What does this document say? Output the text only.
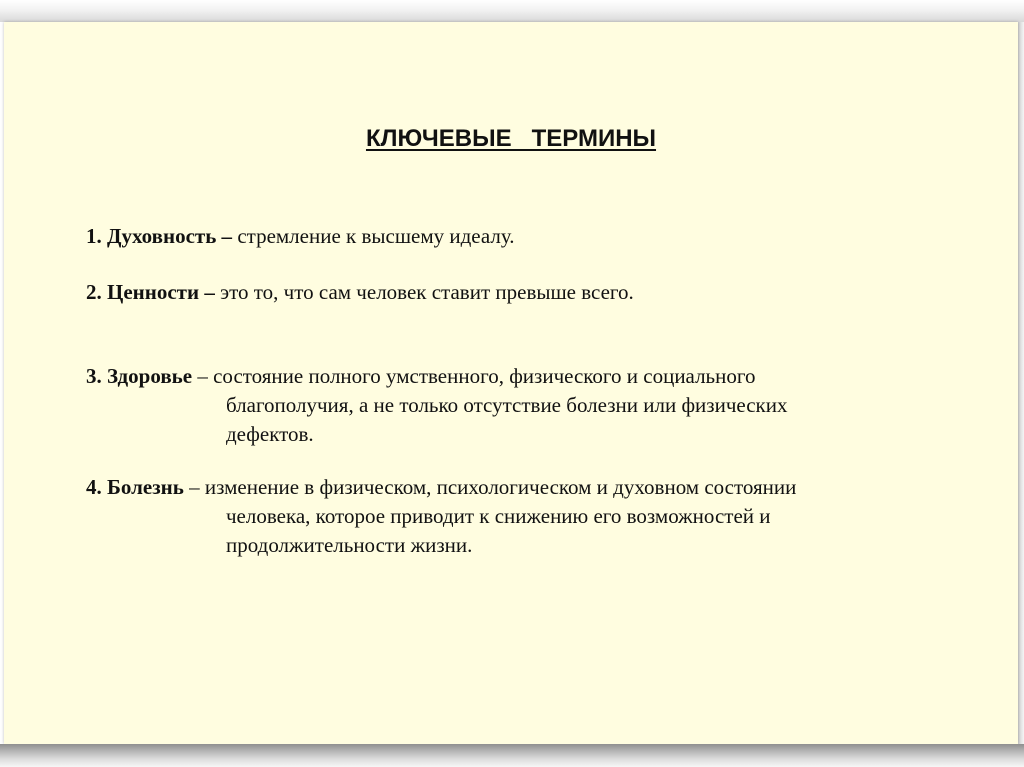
КЛЮЧЕВЫЕ   ТЕРМИНЫ
1. Духовность – стремление к высшему идеалу.
2. Ценности – это то, что сам человек ставит превыше всего.
3. Здоровье – состояние полного умственного, физического и социального
благополучия, а не только отсутствие болезни или физических
дефектов.
4. Болезнь – изменение в физическом, психологическом и духовном состоянии
человека, которое приводит к снижению его возможностей и
продолжительности жизни.
